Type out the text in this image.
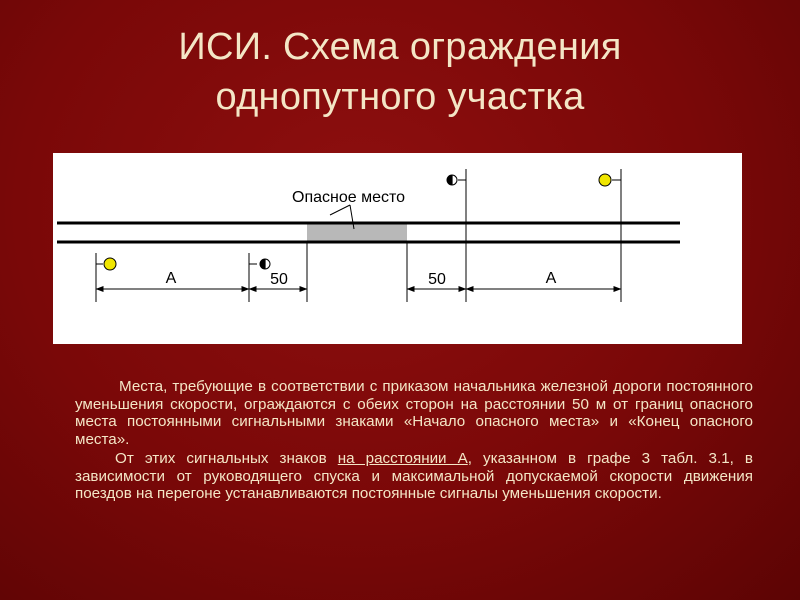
ИСИ. Схема ограждения
однопутного участка
Опасное место
А	50	50	А

Места, требующие в соответствии с приказом начальника железной дороги постоянного уменьшения скорости, ограждаются с обеих сторон на расстоянии 50 м от границ опасного места постоянными сигнальными знаками «Начало опасного места» и «Конец опасного места».

От этих сигнальных знаков на расстоянии А, указанном в графе 3 табл. 3.1, в зависимости от руководящего спуска и максимальной допускаемой скорости движения поездов на перегоне устанавливаются постоянные сигналы уменьшения скорости.
